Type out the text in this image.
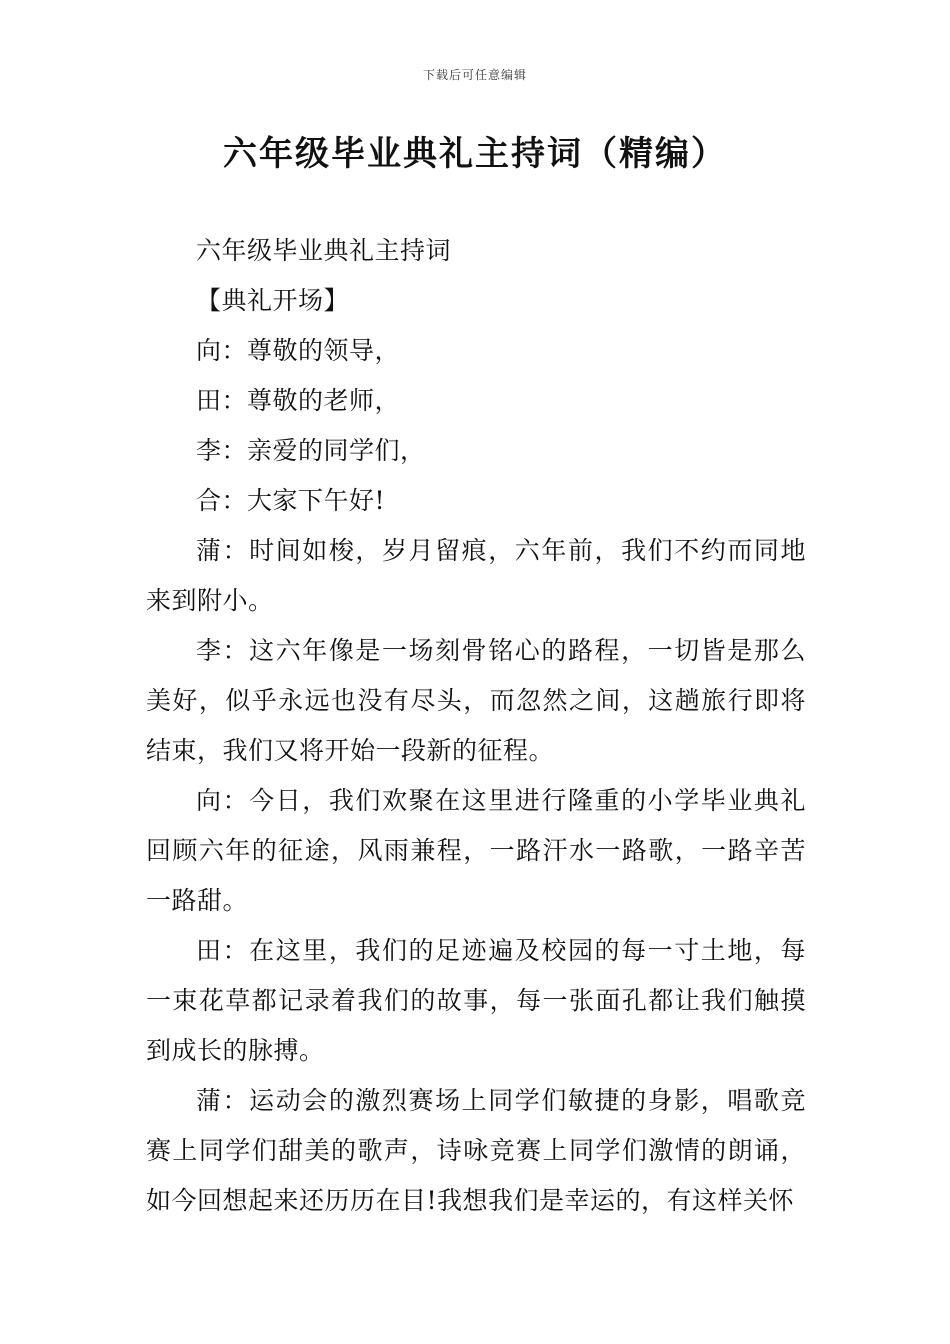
下载后可任意编辑
六年级毕业典礼主持词（精编）

六年级毕业典礼主持词

【典礼开场】

向：尊敬的领导，

田：尊敬的老师，

李：亲爱的同学们，

合：大家下午好!

蒲：时间如梭，岁月留痕，六年前，我们不约而同地来到附小。

李：这六年像是一场刻骨铭心的路程，一切皆是那么美好，似乎永远也没有尽头，而忽然之间，这趟旅行即将结束，我们又将开始一段新的征程。

向：今日，我们欢聚在这里进行隆重的小学毕业典礼回顾六年的征途，风雨兼程，一路汗水一路歌，一路辛苦一路甜。

田：在这里，我们的足迹遍及校园的每一寸土地，每一束花草都记录着我们的故事，每一张面孔都让我们触摸到成长的脉搏。

蒲：运动会的激烈赛场上同学们敏捷的身影，唱歌竞赛上同学们甜美的歌声，诗咏竞赛上同学们激情的朗诵，如今回想起来还历历在目!我想我们是幸运的，有这样关怀
